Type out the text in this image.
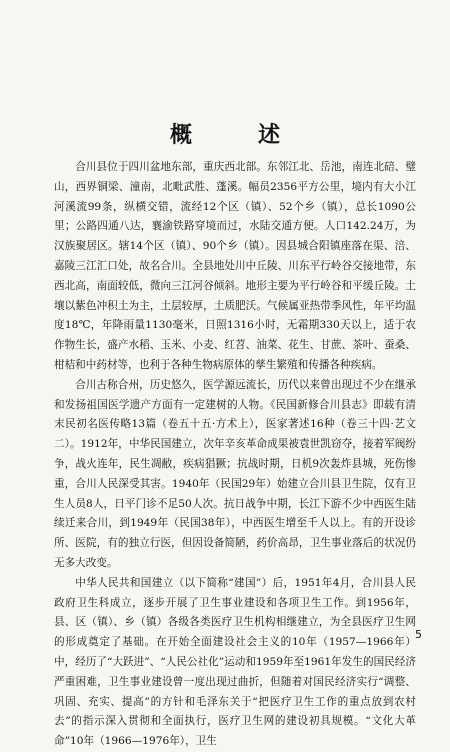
概　述

合川县位于四川盆地东部，重庆西北部。东邻江北、岳池，南连北碚、璧山，西界铜梁、潼南，北毗武胜、蓬溪。幅员2356平方公里，境内有大小江河溪流99条，纵横交错，流经12个区（镇）、52个乡（镇），总长1090公里；公路四通八达，襄渝铁路穿境而过，水陆交通方便。人口142.24万，为汉族聚居区。辖14个区（镇）、90个乡（镇）。因县城合阳镇座落在渠、涪、嘉陵三江汇口处，故名合川。全县地处川中丘陵、川东平行岭谷交接地带，东西北高，南面较低，微向三江河谷倾斜。地形主要为平行岭谷和平缓丘陵。土壤以紫色冲积土为主，土层较厚，土质肥沃。气候属亚热带季风性，年平均温度18℃，年降雨量1130毫米，日照1316小时，无霜期330天以上，适于农作物生长，盛产水稻、玉米、小麦、红苕、油菜、花生、甘蔗、茶叶、蚕桑、柑桔和中药材等，也利于各种生物病原体的孳生繁殖和传播各种疾病。

合川古称合州，历史悠久，医学源远流长，历代以来曾出现过不少在继承和发扬祖国医学遗产方面有一定建树的人物。《民国新修合川县志》即载有清末民初名医传略13篇（卷五十五·方术上），医家著述16种（卷三十四·艺文二）。1912年，中华民国建立，次年辛亥革命成果被袁世凯窃夺，接着军阀纷争，战火连年，民生凋敝，疾病猖獗；抗战时期，日机9次轰炸县城，死伤惨重，合川人民深受其害。1940年（民国29年）始建立合川县卫生院，仅有卫生人员8人，日平门诊不足50人次。抗日战争中期，长江下游不少中西医生陆续迁来合川，到1949年（民国38年），中西医生增至千人以上。有的开设诊所、医院，有的独立行医，但因设备简陋，药价高昂，卫生事业落后的状况仍无多大改变。

中华人民共和国建立（以下简称“建国”）后，1951年4月，合川县人民政府卫生科成立，逐步开展了卫生事业建设和各项卫生工作。到1956年，县、区（镇）、乡（镇）各级各类医疗卫生机构相继建立，为全县医疗卫生网的形成奠定了基础。在开始全面建设社会主义的10年（1957—1966年）中，经历了“大跃进”、“人民公社化”运动和1959年至1961年发生的国民经济严重困难，卫生事业建设曾一度出现过曲折，但随着对国民经济实行“调整、巩固、充实、提高”的方针和毛泽东关于“把医疗卫生工作的重点放到农村去”的指示深入贯彻和全面执行，医疗卫生网的建设初具规模。“文化大革命”10年（1966—1976年），卫生

5
